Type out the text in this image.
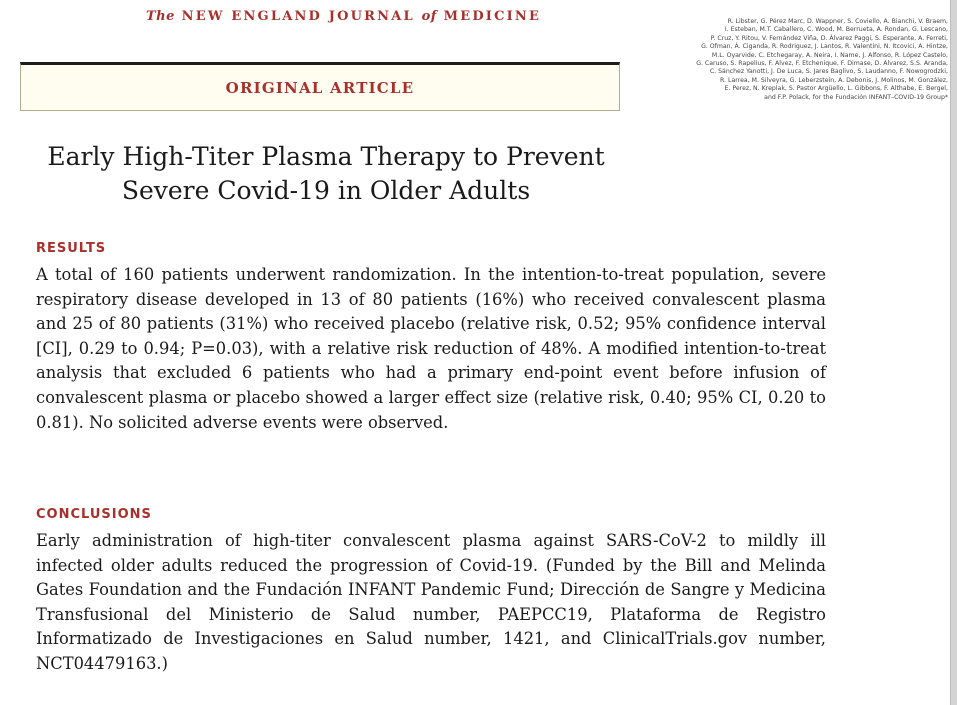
The NEW ENGLAND JOURNAL of MEDICINE
ORIGINAL ARTICLE
R. Libster, G. Pérez Marc, D. Wappner, S. Coviello, A. Bianchi, V. Braem,
I. Esteban, M.T. Caballero, C. Wood, M. Berrueta, A. Rondan, G. Lescano,
P. Cruz, Y. Ritou, V. Fernández Viña, D. Álvarez Paggi, S. Esperante, A. Ferreti,
G. Ofman, Á. Ciganda, R. Rodriguez, J. Lantos, R. Valentini, N. Itcovici, A. Hintze,
M.L. Oyarvide, C. Etchegaray, A. Neira, I. Name, J. Alfonso, R. López Castelo,
G. Caruso, S. Rapelius, F. Alvez, F. Etchenique, F. Dimase, D. Alvarez, S.S. Aranda,
C. Sánchez Yanotti, J. De Luca, S. Jares Baglivo, S. Laudanno, F. Nowogrodzki,
R. Larrea, M. Silveyra, G. Leberzstein, A. Debonis, J. Molinos, M. González,
E. Perez, N. Kreplak, S. Pastor Argüello, L. Gibbons, F. Althabe, E. Bergel,
and F.P. Polack, for the Fundación INFANT–COVID-19 Group*
Early High-Titer Plasma Therapy to Prevent
Severe Covid-19 in Older Adults
RESULTS

A total of 160 patients underwent randomization. In the intention-to-treat population, severe respiratory disease developed in 13 of 80 patients (16%) who received convalescent plasma and 25 of 80 patients (31%) who received placebo (relative risk, 0.52; 95% confidence interval [CI], 0.29 to 0.94; P=0.03), with a relative risk reduction of 48%. A modified intention-to-treat analysis that excluded 6 patients who had a primary end-point event before infusion of convalescent plasma or placebo showed a larger effect size (relative risk, 0.40; 95% CI, 0.20 to 0.81). No solicited adverse events were observed.

CONCLUSIONS

Early administration of high-titer convalescent plasma against SARS-CoV-2 to mildly ill infected older adults reduced the progression of Covid-19. (Funded by the Bill and Melinda Gates Foundation and the Fundación INFANT Pandemic Fund; Dirección de Sangre y Medicina Transfusional del Ministerio de Salud number, PAEPCC19, Plataforma de Registro Informatizado de Investigaciones en Salud number, 1421, and ClinicalTrials.gov number, NCT04479163.)
